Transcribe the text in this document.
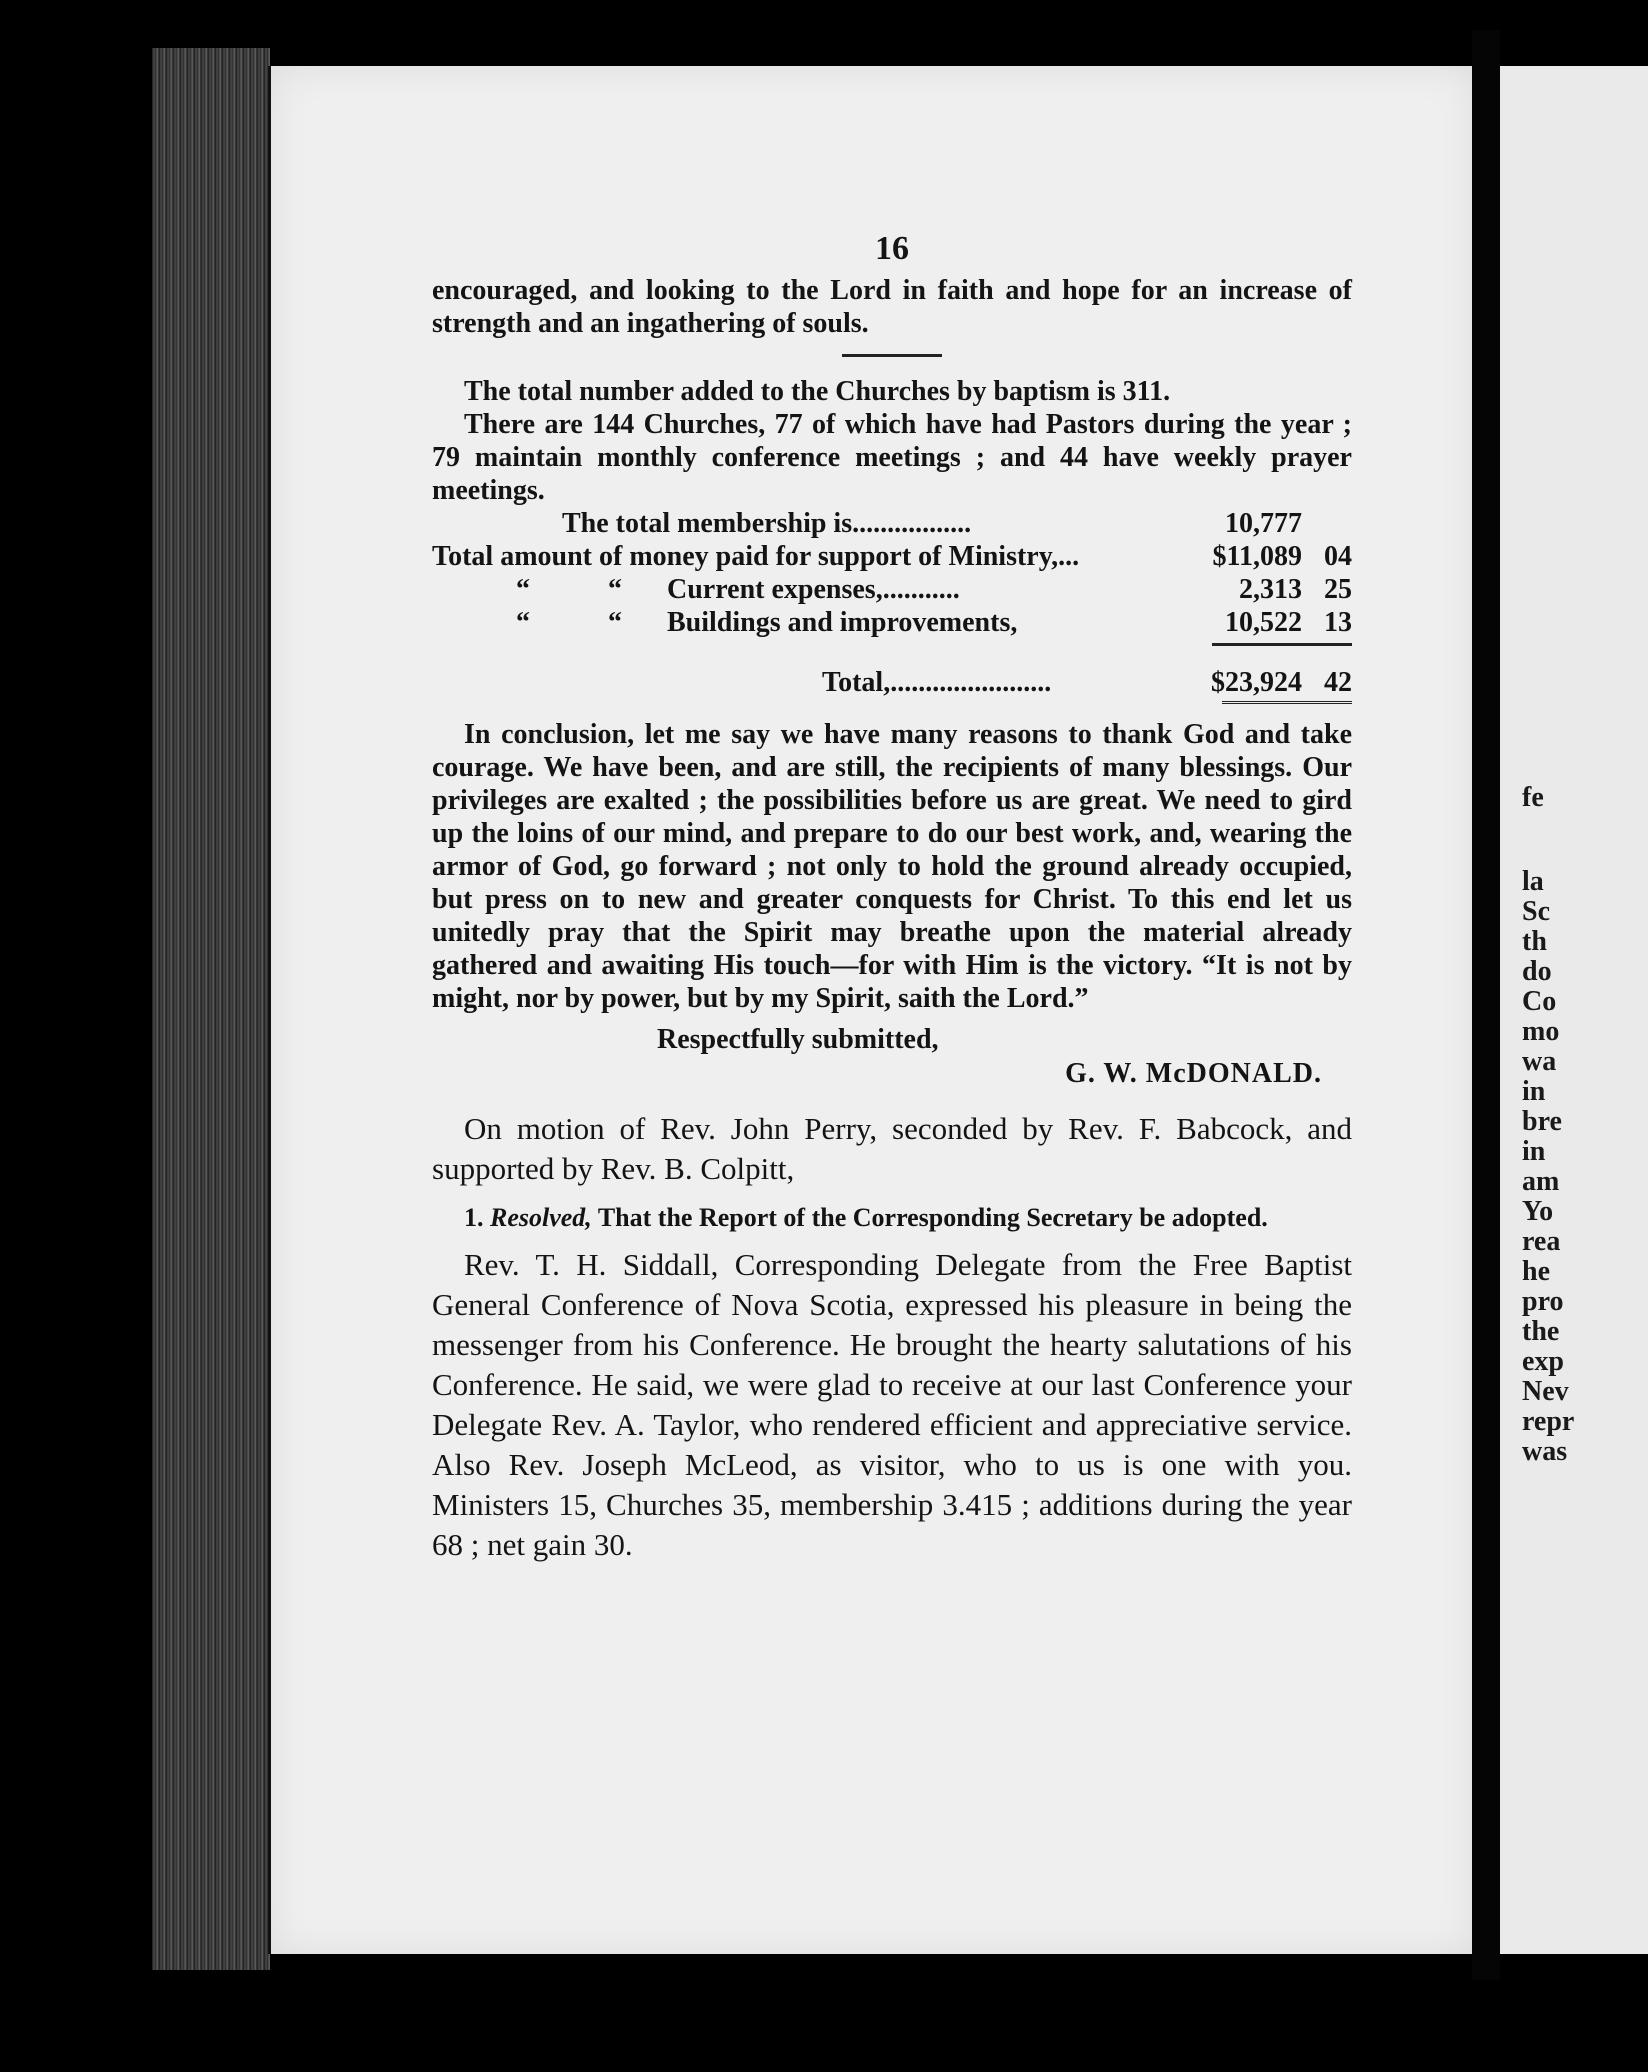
fe
la
Sc
th
do
Co
mo
wa
in
bre
in
am
Yo
rea
he
pro
the
exp
Nev
repr
was
16

encouraged, and looking to the Lord in faith and hope for an increase of strength and an ingathering of souls.

The total number added to the Churches by baptism is 311.

There are 144 Churches, 77 of which have had Pastors during the year ; 79 maintain monthly conference meetings ; and 44 have weekly prayer meetings.

The total membership is.................	10,777
Total amount of money paid for support of Ministry,...	$11,089 04
“	“ Current expenses,...........	2,313 25
“	“ Buildings and improvements,	10,522 13
Total,.......................	$23,924 42

In conclusion, let me say we have many reasons to thank God and take courage. We have been, and are still, the recipients of many blessings. Our privileges are exalted ; the possibilities before us are great. We need to gird up the loins of our mind, and prepare to do our best work, and, wearing the armor of God, go forward ; not only to hold the ground already occupied, but press on to new and greater conquests for Christ. To this end let us unitedly pray that the Spirit may breathe upon the material already gathered and awaiting His touch—for with Him is the victory. “It is not by might, nor by power, but by my Spirit, saith the Lord.”

Respectfully submitted,
G. W. McDONALD.

On motion of Rev. John Perry, seconded by Rev. F. Babcock, and supported by Rev. B. Colpitt,

1. Resolved, That the Report of the Corresponding Secretary be adopted.

Rev. T. H. Siddall, Corresponding Delegate from the Free Baptist General Conference of Nova Scotia, expressed his pleasure in being the messenger from his Conference. He brought the hearty salutations of his Conference. He said, we were glad to receive at our last Conference your Delegate Rev. A. Taylor, who rendered efficient and appreciative service. Also Rev. Joseph McLeod, as visitor, who to us is one with you. Ministers 15, Churches 35, membership 3.415 ; additions during the year 68 ; net gain 30.
